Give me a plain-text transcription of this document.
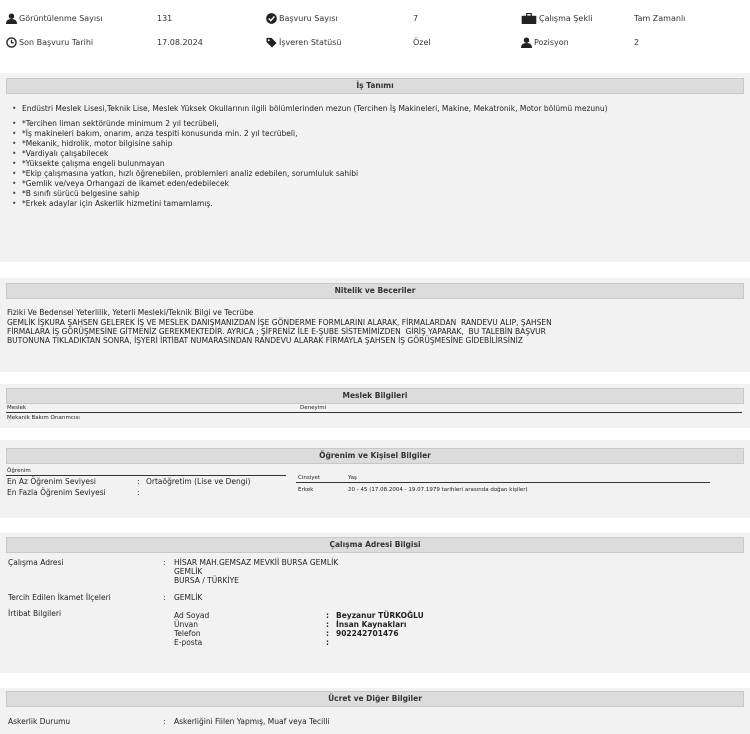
Görüntülenme Sayısı	131	Başvuru Sayısı	7	Çalışma Şekli	Tam Zamanlı
Son Başvuru Tarihi	17.08.2024	İşveren Statüsü	Özel	Pozisyon	2
İş Tanımı
• Endüstri Meslek Lisesi,Teknik Lise, Meslek Yüksek Okullarının ilgili bölümlerinden mezun (Tercihen İş Makineleri, Makine, Mekatronik, Motor bölümü mezunu)
• *Tercihen liman sektöründe minimum 2 yıl tecrübeli,
• *İş makineleri bakım, onarım, arıza tespiti konusunda min. 2 yıl tecrübeli,
• *Mekanik, hidrolik, motor bilgisine sahip
• *Vardiyalı çalışabilecek
• *Yüksekte çalışma engeli bulunmayan
• *Ekip çalışmasına yatkın, hızlı öğrenebilen, problemleri analiz edebilen, sorumluluk sahibi
• *Gemlik ve/veya Orhangazi de ikamet eden/edebilecek
• *B sınıfı sürücü belgesine sahip
• *Erkek adaylar için Askerlik hizmetini tamamlamış.
Nitelik ve Beceriler
Fiziki Ve Bedensel Yeterlilik, Yeterli Mesleki/Teknik Bilgi ve Tecrübe
GEMLİK İŞKURA ŞAHSEN GELEREK İŞ VE MESLEK DANIŞMANIZDAN İŞE GÖNDERME FORMLARINI ALARAK, FİRMALARDAN  RANDEVU ALIP, ŞAHSEN
FİRMALARA İŞ GÖRÜŞMESİNE GİTMENİZ GEREKMEKTEDİR. AYRICA ; ŞİFRENİZ İLE E-ŞUBE SİSTEMİMİZDEN  GİRİŞ YAPARAK,  BU TALEBİN BAŞVUR
BUTONUNA TIKLADIKTAN SONRA, İŞYERİ İRTİBAT NUMARASINDAN RANDEVU ALARAK FİRMAYLA ŞAHSEN İŞ GÖRÜŞMESİNE GİDEBİLİRSİNİZ
Meslek Bilgileri
Meslek	Deneyimi
Mekanik Bakım Onarımcısı
Öğrenim ve Kişisel Bilgiler
Öğrenim
En Az Öğrenim Seviyesi	: Ortaöğretim (Lise ve Dengi)
En Fazla Öğrenim Seviyesi	:
Cinsiyet	Yaş
Erkek	20 - 45 (17.08.2004 - 19.07.1979 tarihleri arasında doğan kişiler)
Çalışma Adresi Bilgisi
Çalışma Adresi	: HİSAR MAH.GEMSAZ MEVKİİ BURSA GEMLİK
GEMLİK
BURSA / TÜRKİYE
Tercih Edilen İkamet İlçeleri	: GEMLİK
İrtibat Bilgileri	Ad Soyad	: Beyzanur TÜRKOĞLU
Ünvan	: İnsan Kaynakları
Telefon	: 902242701476
E-posta	:
Ücret ve Diğer Bilgiler
Askerlik Durumu	: Askerliğini Fiilen Yapmış, Muaf veya Tecilli
